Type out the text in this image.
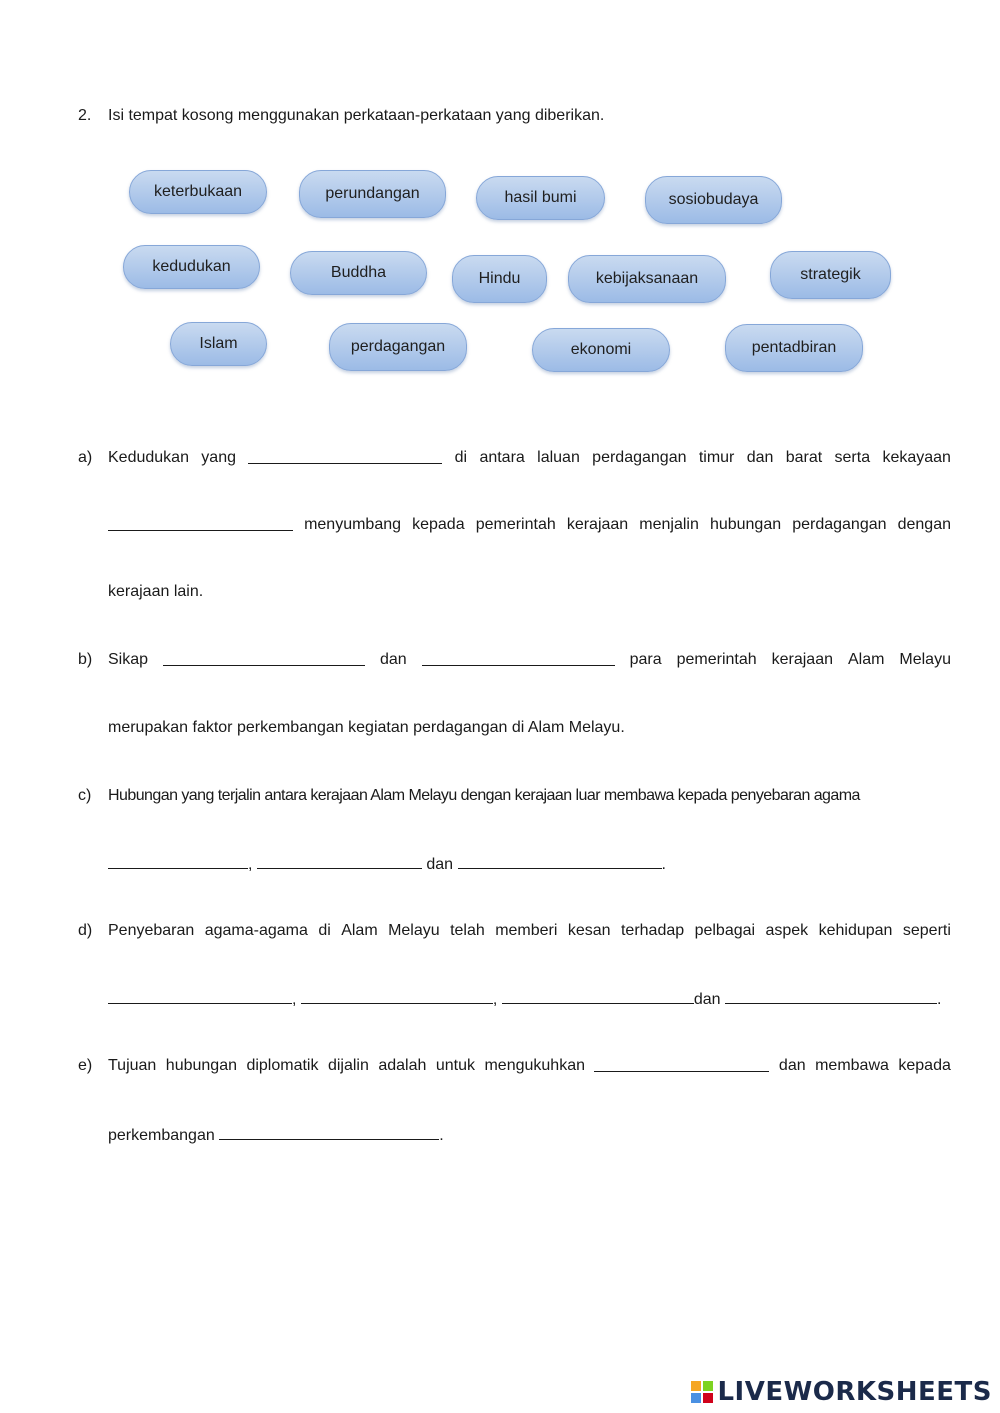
2. Isi tempat kosong menggunakan perkataan-perkataan yang diberikan.
keterbukaan	perundangan	hasil bumi	sosiobudaya
kedudukan	Buddha	Hindu	kebijaksanaan	strategik
Islam	perdagangan	ekonomi	pentadbiran
a) Kedudukan yang	di antara laluan perdagangan timur dan barat serta kekayaan
menyumbang kepada pemerintah kerajaan menjalin hubungan perdagangan dengan
kerajaan lain.
b) Sikap	dan	para pemerintah kerajaan Alam Melayu
merupakan faktor perkembangan kegiatan perdagangan di Alam Melayu.
c) Hubungan yang terjalin antara kerajaan Alam Melayu dengan kerajaan luar membawa kepada penyebaran agama
,	dan	.
d) Penyebaran agama-agama di Alam Melayu telah memberi kesan terhadap pelbagai aspek kehidupan seperti
,	,	dan	.
e) Tujuan hubungan diplomatik dijalin adalah untuk mengukuhkan	dan membawa kepada
perkembangan	.
LIVEWORKSHEETS
